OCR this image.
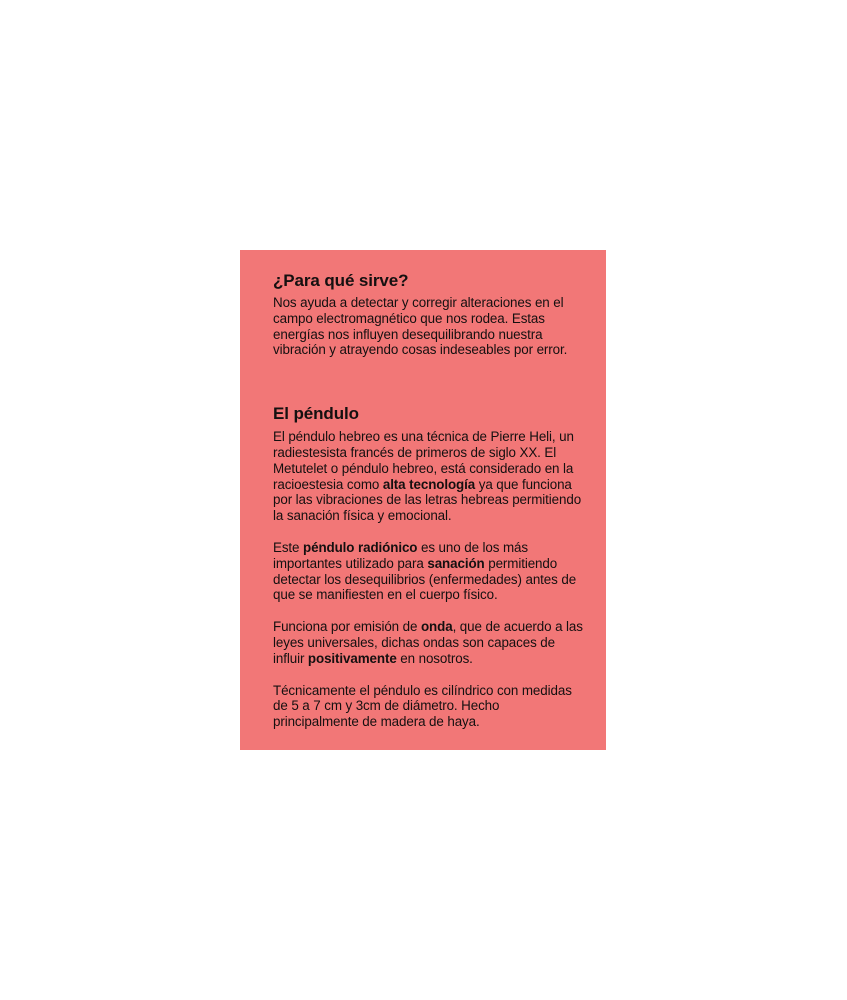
¿Para qué sirve?

Nos ayuda a detectar y corregir alteraciones en el campo electromagnético que nos rodea. Estas energías nos influyen desequilibrando nuestra vibración y atrayendo cosas indeseables por error.

El péndulo

El péndulo hebreo es una técnica de Pierre Heli, un radiestesista francés de primeros de siglo XX. El Metutelet o péndulo hebreo, está considerado en la racioestesia como alta tecnología ya que funciona por las vibraciones de las letras hebreas permitiendo la sanación física y emocional.

Este péndulo radiónico es uno de los más importantes utilizado para sanación permitiendo detectar los desequilibrios (enfermedades) antes de que se manifiesten en el cuerpo físico.

Funciona por emisión de onda, que de acuerdo a las leyes universales, dichas ondas son capaces de influir positivamente en nosotros.

Técnicamente el péndulo es cilíndrico con medidas de 5 a 7 cm y 3cm de diámetro. Hecho principalmente de madera de haya.
